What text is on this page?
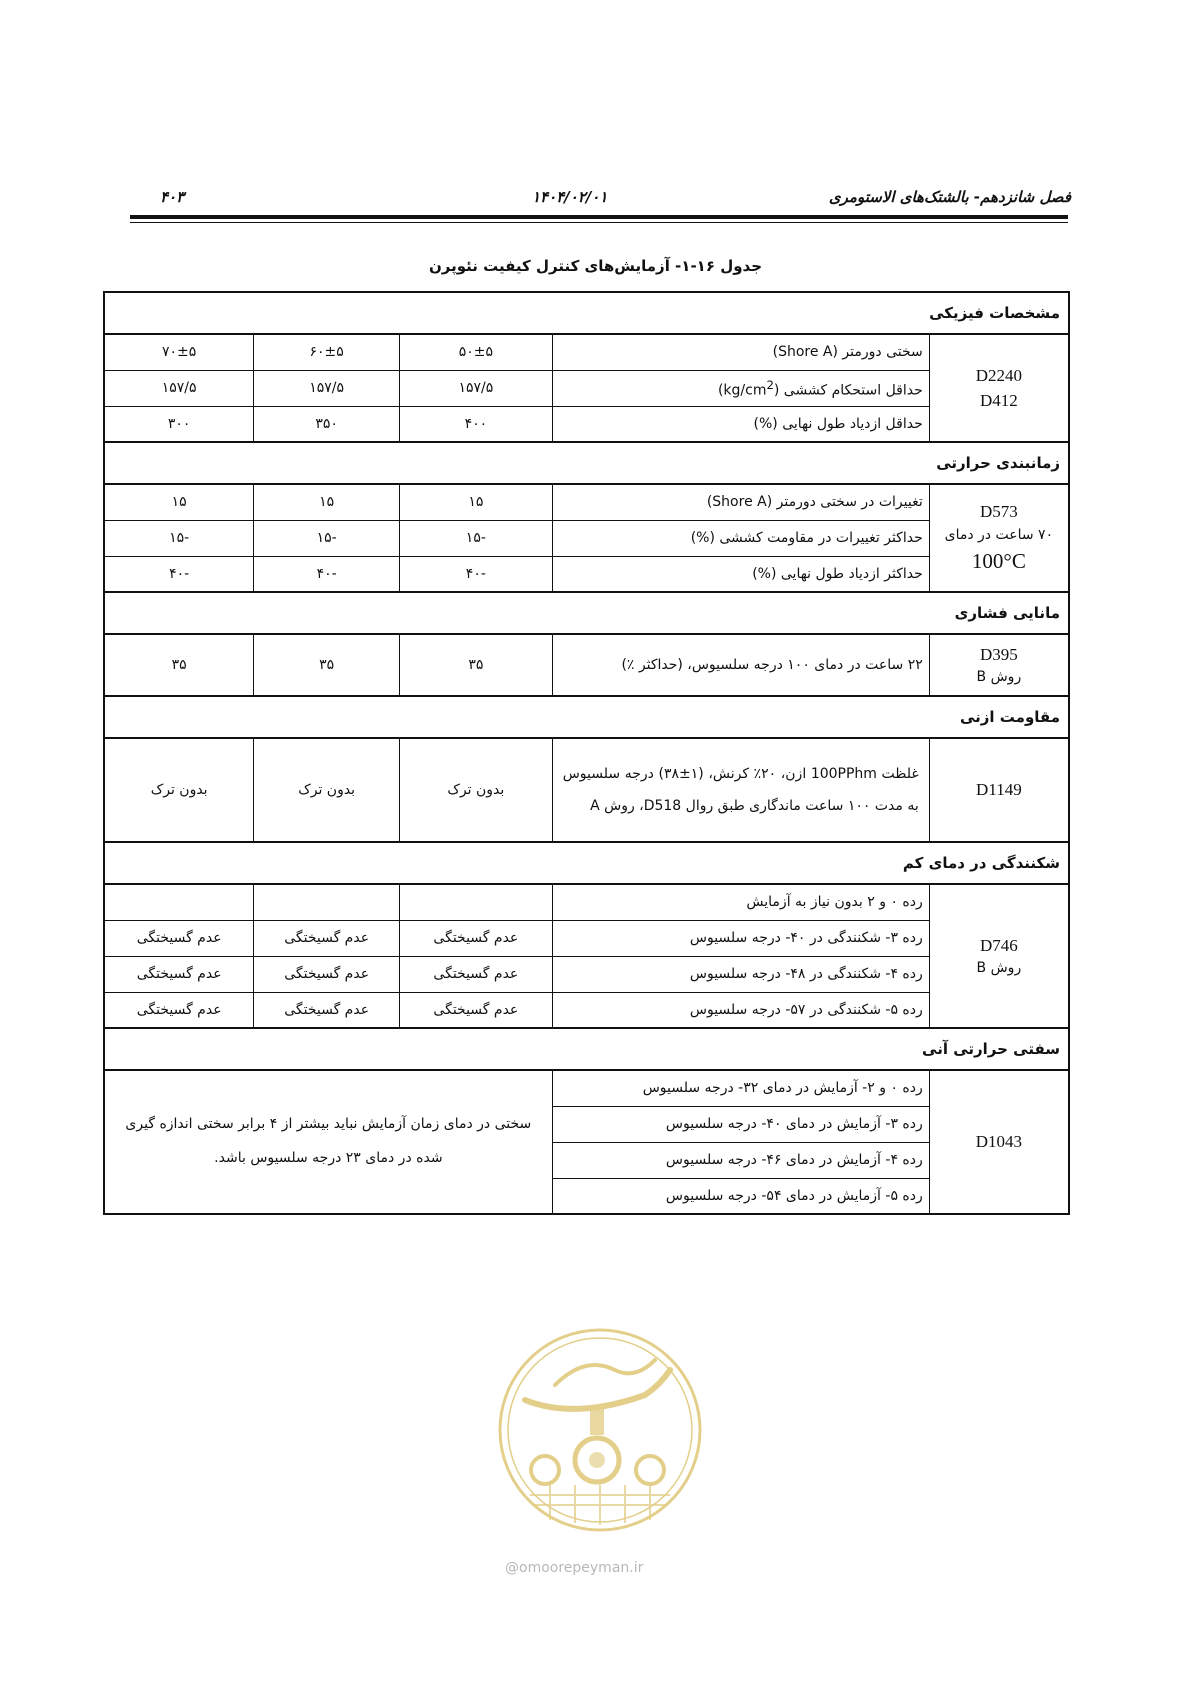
فصل شانزدهم- بالشتک‌های الاستومری
۱۴۰۴/۰۲/۰۱
۴۰۳
جدول ۱۶-۱- آزمایش‌های کنترل کیفیت نئوپرن
مشخصات فیزیکی				

D2240
D412	سختی دورمتر (Shore A)	۵۰±۵	۶۰±۵	۷۰±۵
	حداقل استحکام کششی $(kg/cm^2)$	۱۵۷/۵	۱۵۷/۵	۱۵۷/۵
	حداقل ازدیاد طول نهایی (%)	۴۰۰	۳۵۰	۳۰۰
زمانبندی حرارتی				

D573
۷۰ ساعت در دمای
100°C	تغییرات در سختی دورمتر (Shore A)	۱۵	۱۵	۱۵
	حداکثر تغییرات در مقاومت کششی (%)	-۱۵	-۱۵	-۱۵
	حداکثر ازدیاد طول نهایی (%)	-۴۰	-۴۰	-۴۰
مانایی فشاری				

D395
روش B	۲۲ ساعت در دمای ۱۰۰ درجه سلسیوس، (حداکثر ٪)	۳۵	۳۵	۳۵
مقاومت ازنی				
D1149	غلظت 100PPhm ازن، ۲۰٪ کرنش، (۱±۳۸) درجه سلسیوس به مدت ۱۰۰ ساعت ماندگاری طبق روال D518، روش A	بدون ترک	بدون ترک	بدون ترک
شکنندگی در دمای کم				

D746
روش B	رده ۰ و ۲ بدون نیاز به آزمایش			
	رده ۳- شکنندگی در ۴۰- درجه سلسیوس	عدم گسیختگی	عدم گسیختگی	عدم گسیختگی
	رده ۴- شکنندگی در ۴۸- درجه سلسیوس	عدم گسیختگی	عدم گسیختگی	عدم گسیختگی
	رده ۵- شکنندگی در ۵۷- درجه سلسیوس	عدم گسیختگی	عدم گسیختگی	عدم گسیختگی
سفتی حرارتی آنی				
D1043	رده ۰ و ۲- آزمایش در دمای ۳۲- درجه سلسیوس	سختی در دمای زمان آزمایش نباید بیشتر از ۴ برابر سختی اندازه گیری شده در دمای ۲۳ درجه سلسیوس باشد.		
	رده ۳- آزمایش در دمای ۴۰- درجه سلسیوس			
	رده ۴- آزمایش در دمای ۴۶- درجه سلسیوس			
	رده ۵- آزمایش در دمای ۵۴- درجه سلسیوس			
@omoorepeyman.ir
